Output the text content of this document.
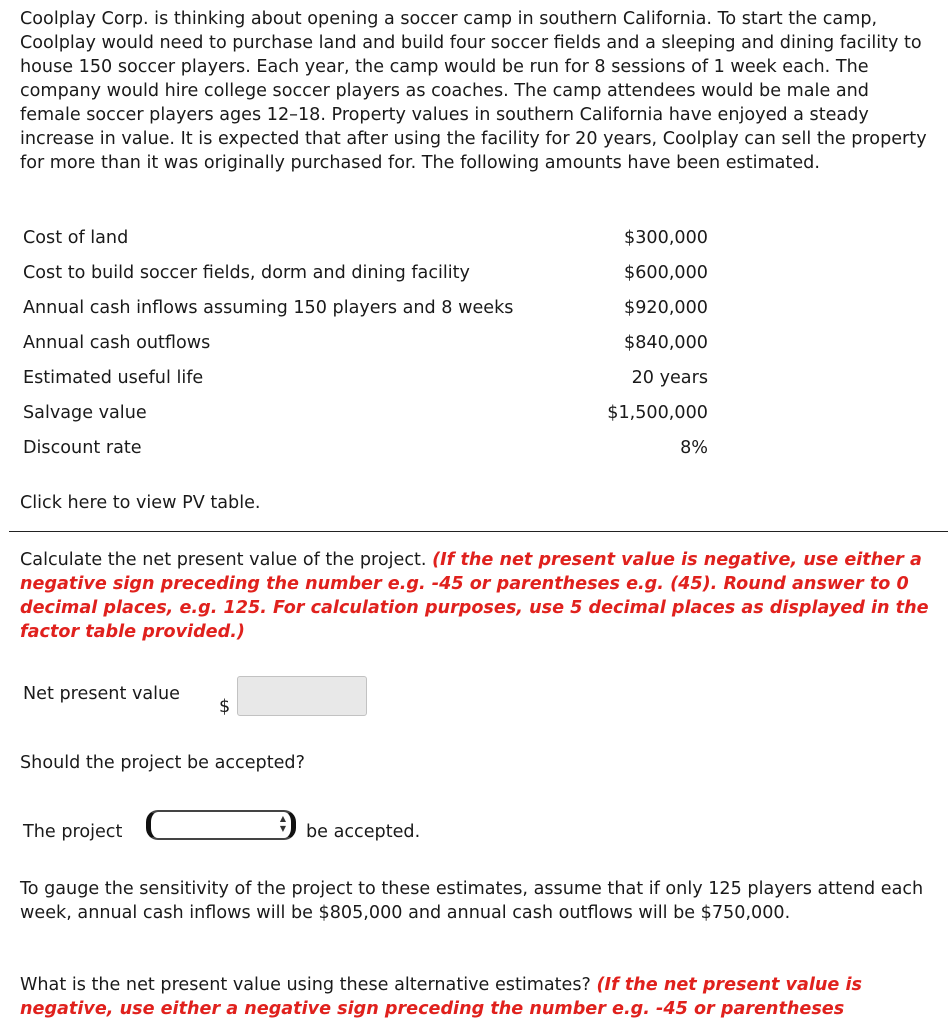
Coolplay Corp. is thinking about opening a soccer camp in southern California. To start the camp, Coolplay would need to purchase land and build four soccer fields and a sleeping and dining facility to house 150 soccer players. Each year, the camp would be run for 8 sessions of 1 week each. The company would hire college soccer players as coaches. The camp attendees would be male and female soccer players ages 12–18. Property values in southern California have enjoyed a steady increase in value. It is expected that after using the facility for 20 years, Coolplay can sell the property for more than it was originally purchased for. The following amounts have been estimated.

Cost of land	$300,000
Cost to build soccer fields, dorm and dining facility	$600,000
Annual cash inflows assuming 150 players and 8 weeks	$920,000
Annual cash outflows	$840,000
Estimated useful life	20 years
Salvage value	$1,500,000
Discount rate	8%

Click here to view PV table.

Calculate the net present value of the project. (If the net present value is negative, use either a negative sign preceding the number e.g. -45 or parentheses e.g. (45). Round answer to 0 decimal places, e.g. 125. For calculation purposes, use 5 decimal places as displayed in the factor table provided.)

Net present value
$

Should the project be accepted?

The project
▲
▼ be accepted.

To gauge the sensitivity of the project to these estimates, assume that if only 125 players attend each week, annual cash inflows will be $805,000 and annual cash outflows will be $750,000.

What is the net present value using these alternative estimates? (If the net present value is negative, use either a negative sign preceding the number e.g. -45 or parentheses
